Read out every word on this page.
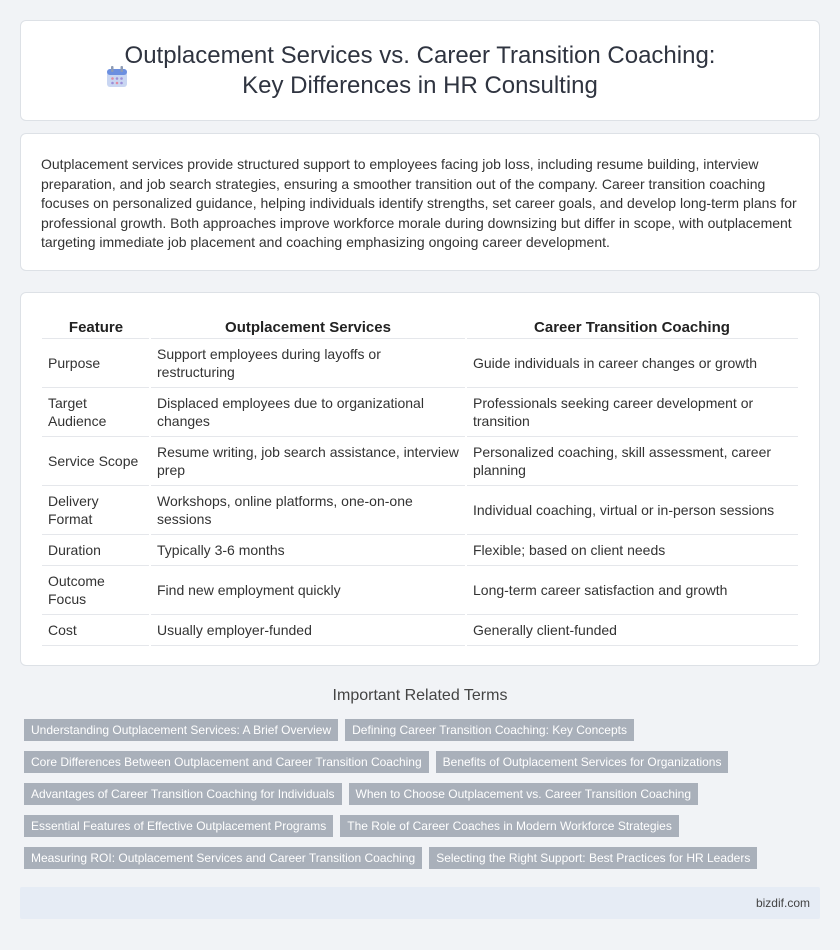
Outplacement Services vs. Career Transition Coaching: Key Differences in HR Consulting

Outplacement services provide structured support to employees facing job loss, including resume building, interview preparation, and job search strategies, ensuring a smoother transition out of the company. Career transition coaching focuses on personalized guidance, helping individuals identify strengths, set career goals, and develop long-term plans for professional growth. Both approaches improve workforce morale during downsizing but differ in scope, with outplacement targeting immediate job placement and coaching emphasizing ongoing career development.

Feature	Outplacement Services	Career Transition Coaching
Purpose	Support employees during layoffs or restructuring	Guide individuals in career changes or growth
Target Audience	Displaced employees due to organizational changes	Professionals seeking career development or transition
Service Scope	Resume writing, job search assistance, interview prep	Personalized coaching, skill assessment, career planning
Delivery Format	Workshops, online platforms, one-on-one sessions	Individual coaching, virtual or in-person sessions
Duration	Typically 3-6 months	Flexible; based on client needs
Outcome Focus	Find new employment quickly	Long-term career satisfaction and growth
Cost	Usually employer-funded	Generally client-funded
Important Related Terms
Understanding Outplacement Services: A Brief Overview	Defining Career Transition Coaching: Key Concepts
Core Differences Between Outplacement and Career Transition Coaching	Benefits of Outplacement Services for Organizations
Advantages of Career Transition Coaching for Individuals	When to Choose Outplacement vs. Career Transition Coaching
Essential Features of Effective Outplacement Programs	The Role of Career Coaches in Modern Workforce Strategies
Measuring ROI: Outplacement Services and Career Transition Coaching	Selecting the Right Support: Best Practices for HR Leaders
bizdif.com
